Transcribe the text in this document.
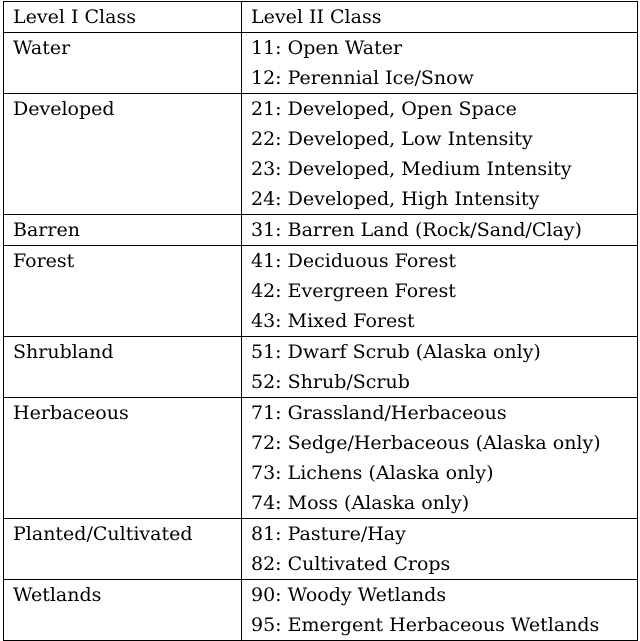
Level I Class	Level II Class
Water	11: Open Water
12: Perennial Ice/Snow

Developed	21: Developed, Open Space
22: Developed, Low Intensity
23: Developed, Medium Intensity
24: Developed, High Intensity

Barren	31: Barren Land (Rock/Sand/Clay)

Forest	41: Deciduous Forest
42: Evergreen Forest
43: Mixed Forest

Shrubland	51: Dwarf Scrub (Alaska only)
52: Shrub/Scrub

Herbaceous	71: Grassland/Herbaceous
72: Sedge/Herbaceous (Alaska only)
73: Lichens (Alaska only)
74: Moss (Alaska only)

Planted/Cultivated	81: Pasture/Hay
82: Cultivated Crops

Wetlands	90: Woody Wetlands
95: Emergent Herbaceous Wetlands
